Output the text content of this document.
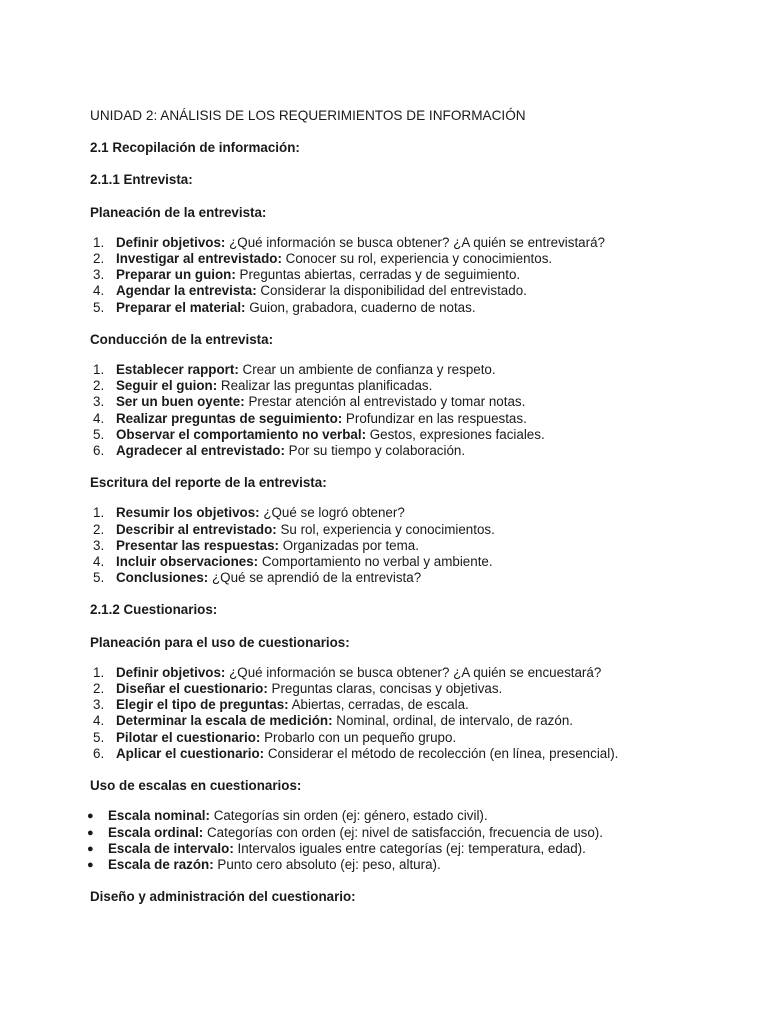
UNIDAD 2: ANÁLISIS DE LOS REQUERIMIENTOS DE INFORMACIÓN

2.1 Recopilación de información:

2.1.1 Entrevista:

Planeación de la entrevista:

1. Definir objetivos: ¿Qué información se busca obtener? ¿A quién se entrevistará?
2. Investigar al entrevistado: Conocer su rol, experiencia y conocimientos.
3. Preparar un guion: Preguntas abiertas, cerradas y de seguimiento.
4. Agendar la entrevista: Considerar la disponibilidad del entrevistado.
5. Preparar el material: Guion, grabadora, cuaderno de notas.

Conducción de la entrevista:

1. Establecer rapport: Crear un ambiente de confianza y respeto.
2. Seguir el guion: Realizar las preguntas planificadas.
3. Ser un buen oyente: Prestar atención al entrevistado y tomar notas.
4. Realizar preguntas de seguimiento: Profundizar en las respuestas.
5. Observar el comportamiento no verbal: Gestos, expresiones faciales.
6. Agradecer al entrevistado: Por su tiempo y colaboración.

Escritura del reporte de la entrevista:

1. Resumir los objetivos: ¿Qué se logró obtener?
2. Describir al entrevistado: Su rol, experiencia y conocimientos.
3. Presentar las respuestas: Organizadas por tema.
4. Incluir observaciones: Comportamiento no verbal y ambiente.
5. Conclusiones: ¿Qué se aprendió de la entrevista?

2.1.2 Cuestionarios:

Planeación para el uso de cuestionarios:

1. Definir objetivos: ¿Qué información se busca obtener? ¿A quién se encuestará?
2. Diseñar el cuestionario: Preguntas claras, concisas y objetivas.
3. Elegir el tipo de preguntas: Abiertas, cerradas, de escala.
4. Determinar la escala de medición: Nominal, ordinal, de intervalo, de razón.
5. Pilotar el cuestionario: Probarlo con un pequeño grupo.
6. Aplicar el cuestionario: Considerar el método de recolección (en línea, presencial).

Uso de escalas en cuestionarios:

● Escala nominal: Categorías sin orden (ej: género, estado civil).
● Escala ordinal: Categorías con orden (ej: nivel de satisfacción, frecuencia de uso).
● Escala de intervalo: Intervalos iguales entre categorías (ej: temperatura, edad).
● Escala de razón: Punto cero absoluto (ej: peso, altura).

Diseño y administración del cuestionario:
